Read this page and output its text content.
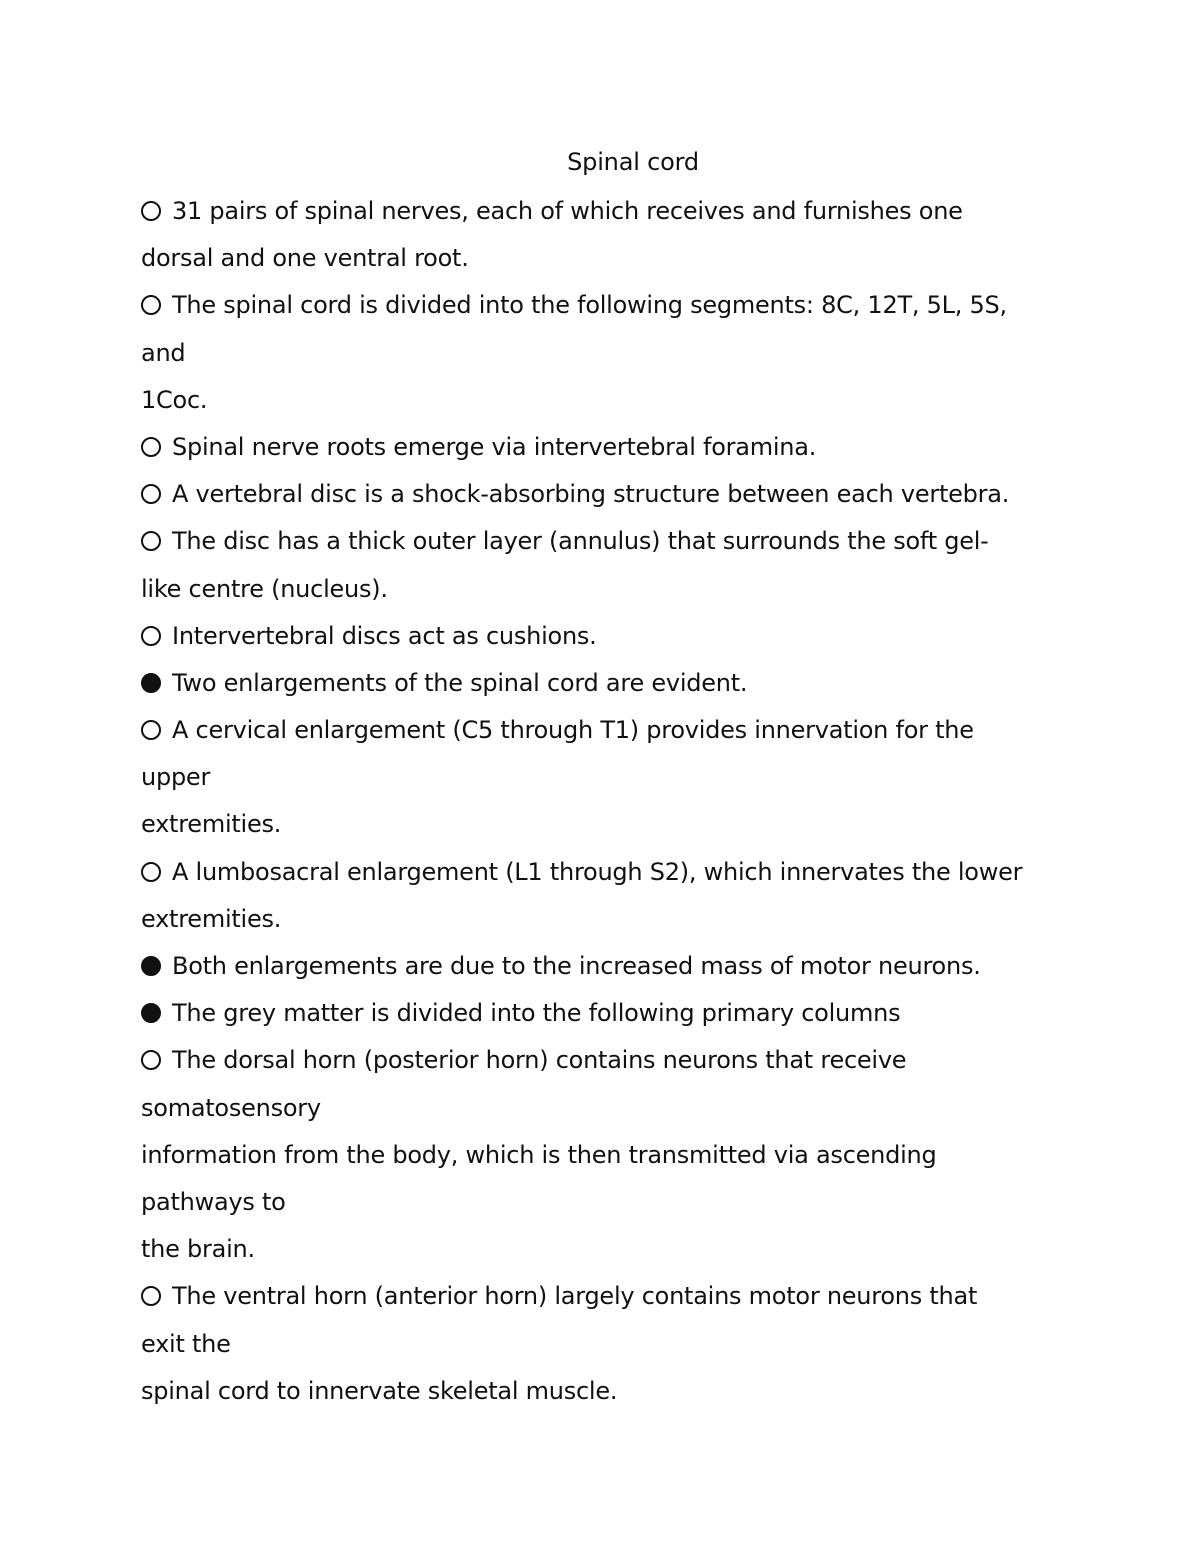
Spinal cord
31 pairs of spinal nerves, each of which receives and furnishes one
dorsal and one ventral root.
The spinal cord is divided into the following segments: 8C, 12T, 5L, 5S,
and
1Coc.
Spinal nerve roots emerge via intervertebral foramina.
A vertebral disc is a shock-absorbing structure between each vertebra.
The disc has a thick outer layer (annulus) that surrounds the soft gel-
like centre (nucleus).
Intervertebral discs act as cushions.
Two enlargements of the spinal cord are evident.
A cervical enlargement (C5 through T1) provides innervation for the
upper
extremities.
A lumbosacral enlargement (L1 through S2), which innervates the lower
extremities.
Both enlargements are due to the increased mass of motor neurons.
The grey matter is divided into the following primary columns
The dorsal horn (posterior horn) contains neurons that receive
somatosensory
information from the body, which is then transmitted via ascending
pathways to
the brain.
The ventral horn (anterior horn) largely contains motor neurons that
exit the
spinal cord to innervate skeletal muscle.
